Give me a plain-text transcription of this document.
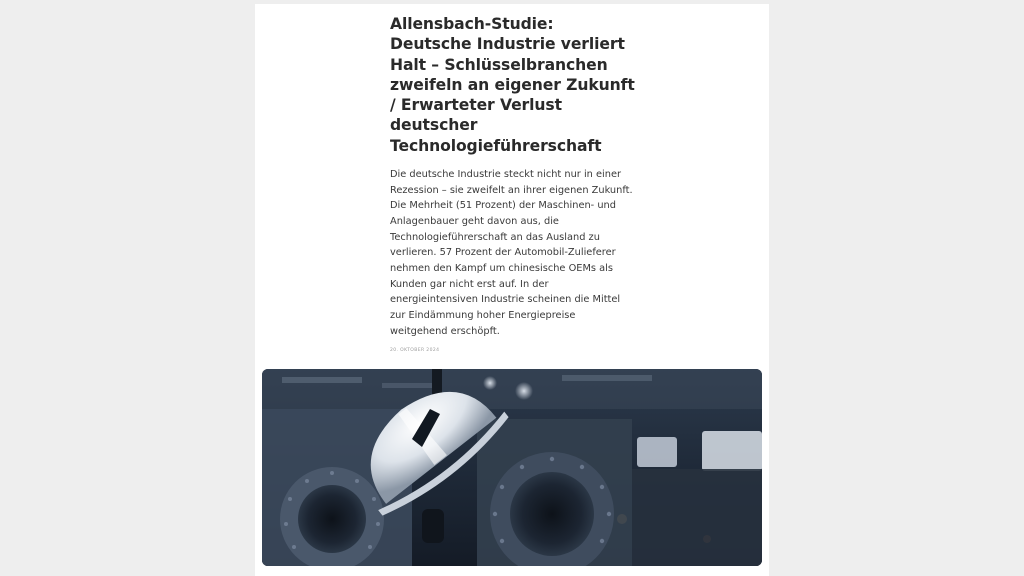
Allensbach-Studie: Deutsche Industrie verliert Halt – Schlüsselbranchen zweifeln an eigener Zukunft / Erwarteter Verlust deutscher Technologieführerschaft

Die deutsche Industrie steckt nicht nur in einer Rezession – sie zweifelt an ihrer eigenen Zukunft. Die Mehrheit (51 Prozent) der Maschinen- und Anlagenbauer geht davon aus, die Technologieführerschaft an das Ausland zu verlieren. 57 Prozent der Automobil-Zulieferer nehmen den Kampf um chinesische OEMs als Kunden gar nicht erst auf. In der energieintensiven Industrie scheinen die Mittel zur Eindämmung hoher Energiepreise weitgehend erschöpft.

20. OKTOBER 2024
